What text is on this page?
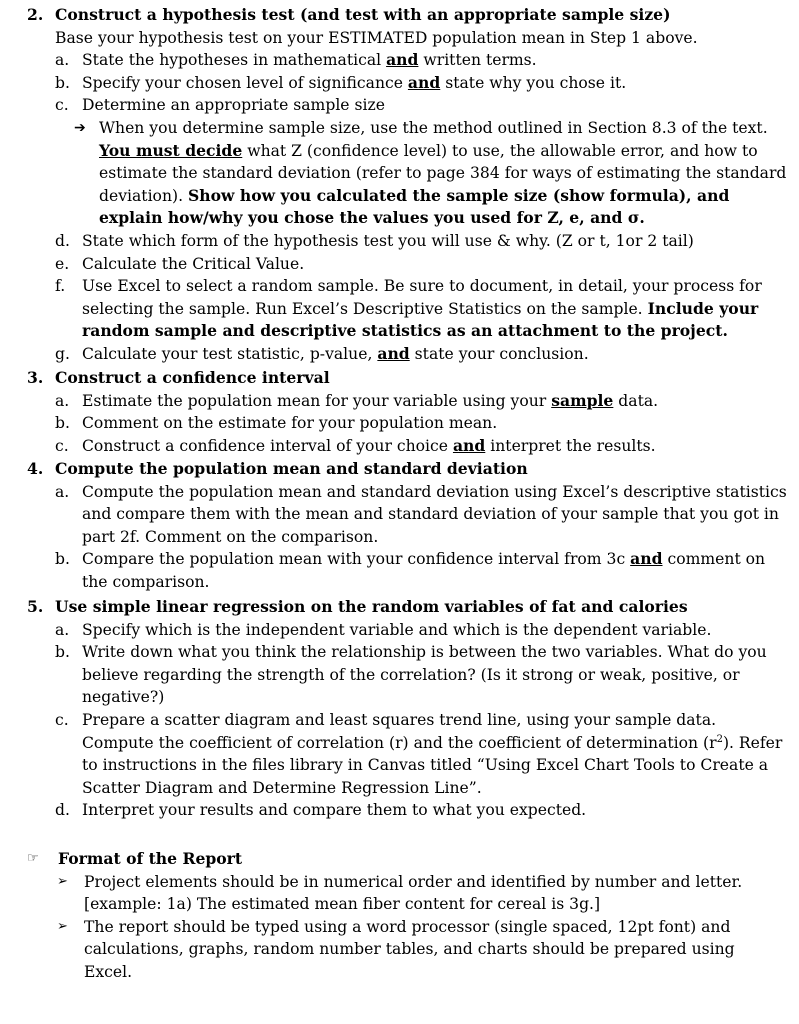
2. Construct a hypothesis test (and test with an appropriate sample size)
Base your hypothesis test on your ESTIMATED population mean in Step 1 above.
a. State the hypotheses in mathematical and written terms.
b. Specify your chosen level of significance and state why you chose it.
c. Determine an appropriate sample size
➔ When you determine sample size, use the method outlined in Section 8.3 of the text.
You must decide what Z (confidence level) to use, the allowable error, and how to estimate the standard deviation (refer to page 384 for ways of estimating the standard deviation). Show how you calculated the sample size (show formula), and explain how/why you chose the values you used for Z, e, and σ.
d. State which form of the hypothesis test you will use & why. (Z or t, 1or 2 tail)
e. Calculate the Critical Value.
f. Use Excel to select a random sample. Be sure to document, in detail, your process for selecting the sample. Run Excel’s Descriptive Statistics on the sample. Include your random sample and descriptive statistics as an attachment to the project.
g. Calculate your test statistic, p-value, and state your conclusion.
3. Construct a confidence interval
a. Estimate the population mean for your variable using your sample data.
b. Comment on the estimate for your population mean.
c. Construct a confidence interval of your choice and interpret the results.
4. Compute the population mean and standard deviation
a. Compute the population mean and standard deviation using Excel’s descriptive statistics and compare them with the mean and standard deviation of your sample that you got in part 2f. Comment on the comparison.
b. Compare the population mean with your confidence interval from 3c and comment on the comparison.
5. Use simple linear regression on the random variables of fat and calories
a. Specify which is the independent variable and which is the dependent variable.
b. Write down what you think the relationship is between the two variables. What do you believe regarding the strength of the correlation? (Is it strong or weak, positive, or negative?)
c. Prepare a scatter diagram and least squares trend line, using your sample data. Compute the coefficient of correlation (r) and the coefficient of determination $(r^2)$. Refer to instructions in the files library in Canvas titled “Using Excel Chart Tools to Create a Scatter Diagram and Determine Regression Line”.
d. Interpret your results and compare them to what you expected.
☞ Format of the Report
➢ Project elements should be in numerical order and identified by number and letter. [example: 1a) The estimated mean fiber content for cereal is 3g.]
➢ The report should be typed using a word processor (single spaced, 12pt font) and calculations, graphs, random number tables, and charts should be prepared using Excel.
